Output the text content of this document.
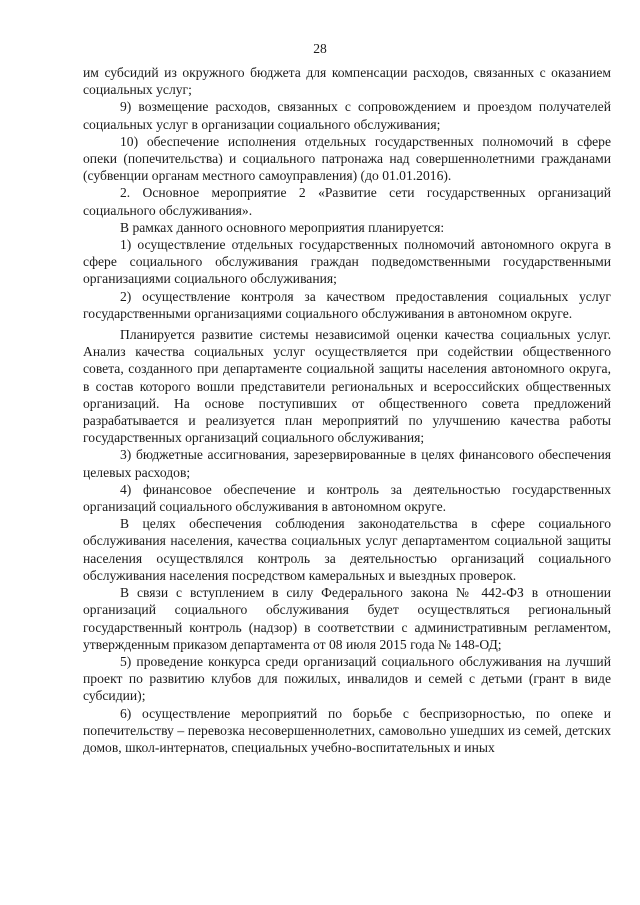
28

им субсидий из окружного бюджета для компенсации расходов, связанных с оказанием социальных услуг;

9) возмещение расходов, связанных с сопровождением и проездом получателей социальных услуг в организации социального обслуживания;

10) обеспечение исполнения отдельных государственных полномочий в сфере опеки (попечительства) и социального патронажа над совершеннолетними гражданами (субвенции органам местного самоуправления) (до 01.01.2016).

2. Основное мероприятие 2 «Развитие сети государственных организаций социального обслуживания».

В рамках данного основного мероприятия планируется:

1) осуществление отдельных государственных полномочий автономного округа в сфере социального обслуживания граждан подведомственными государственными организациями социального обслуживания;

2) осуществление контроля за качеством предоставления социальных услуг государственными организациями социального обслуживания в автономном округе.

Планируется развитие системы независимой оценки качества социальных услуг. Анализ качества социальных услуг осуществляется при содействии общественного совета, созданного при департаменте социальной защиты населения автономного округа, в состав которого вошли представители региональных и всероссийских общественных организаций. На основе поступивших от общественного совета предложений разрабатывается и реализуется план мероприятий по улучшению качества работы государственных организаций социального обслуживания;

3) бюджетные ассигнования, зарезервированные в целях финансового обеспечения целевых расходов;

4) финансовое обеспечение и контроль за деятельностью государственных организаций социального обслуживания в автономном округе.

В целях обеспечения соблюдения законодательства в сфере социального обслуживания населения, качества социальных услуг департаментом социальной защиты населения осуществлялся контроль за деятельностью организаций социального обслуживания населения посредством камеральных и выездных проверок.

В связи с вступлением в силу Федерального закона № 442-ФЗ в отношении организаций социального обслуживания будет осуществляться региональный государственный контроль (надзор) в соответствии с административным регламентом, утвержденным приказом департамента от 08 июля 2015 года № 148-ОД;

5) проведение конкурса среди организаций социального обслуживания на лучший проект по развитию клубов для пожилых, инвалидов и семей с детьми (грант в виде субсидии);

6) осуществление мероприятий по борьбе с беспризорностью, по опеке и попечительству – перевозка несовершеннолетних, самовольно ушедших из семей, детских домов, школ-интернатов, специальных учебно-воспитательных и иных
